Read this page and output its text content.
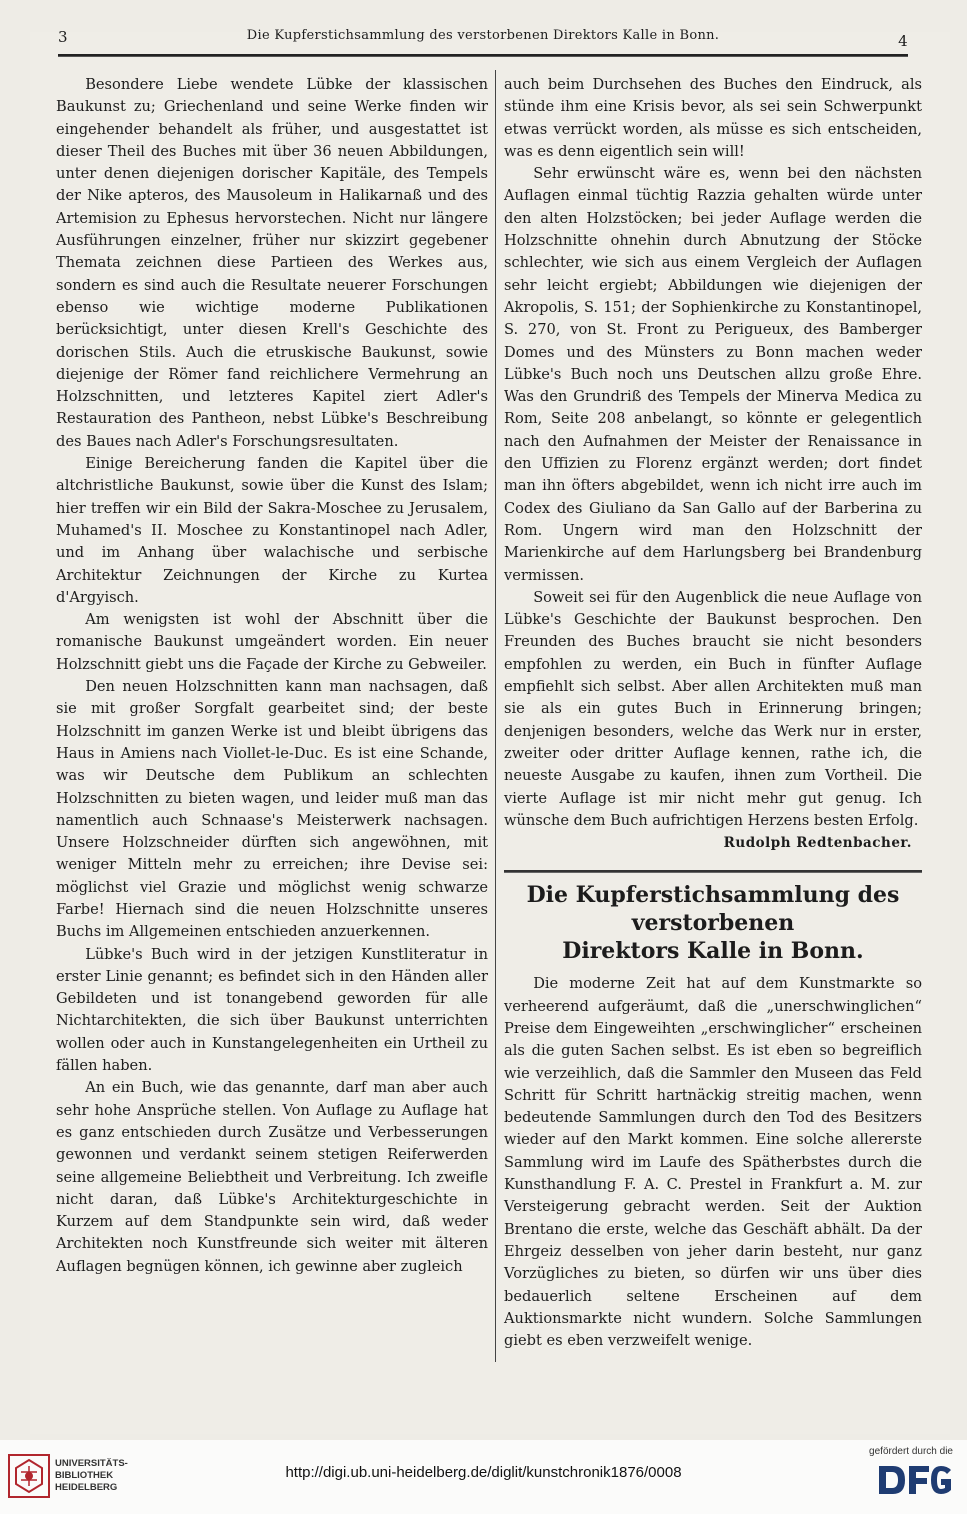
3	Die Kupferstichsammlung des verstorbenen Direktors Kalle in Bonn.	4

Besondere Liebe wendete Lübke der klassischen Baukunst zu; Griechenland und seine Werke finden wir eingehender behandelt als früher, und ausgestattet ist dieser Theil des Buches mit über 36 neuen Abbildungen, unter denen diejenigen dorischer Kapitäle, des Tempels der Nike apteros, des Mausoleum in Halikarnaß und des Artemision zu Ephesus hervorstechen. Nicht nur längere Ausführungen einzelner, früher nur skizzirt gegebener Themata zeichnen diese Partieen des Werkes aus, sondern es sind auch die Resultate neuerer Forschungen ebenso wie wichtige moderne Publikationen berücksichtigt, unter diesen Krell's Geschichte des dorischen Stils. Auch die etruskische Baukunst, sowie diejenige der Römer fand reichlichere Vermehrung an Holzschnitten, und letzteres Kapitel ziert Adler's Restauration des Pantheon, nebst Lübke's Beschreibung des Baues nach Adler's Forschungsresultaten.

Einige Bereicherung fanden die Kapitel über die altchristliche Baukunst, sowie über die Kunst des Islam; hier treffen wir ein Bild der Sakra-Moschee zu Jerusalem, Muhamed's II. Moschee zu Konstantinopel nach Adler, und im Anhang über walachische und serbische Architektur Zeichnungen der Kirche zu Kurtea d'Argyisch.

Am wenigsten ist wohl der Abschnitt über die romanische Baukunst umgeändert worden. Ein neuer Holzschnitt giebt uns die Façade der Kirche zu Gebweiler.

Den neuen Holzschnitten kann man nachsagen, daß sie mit großer Sorgfalt gearbeitet sind; der beste Holzschnitt im ganzen Werke ist und bleibt übrigens das Haus in Amiens nach Viollet-le-Duc. Es ist eine Schande, was wir Deutsche dem Publikum an schlechten Holzschnitten zu bieten wagen, und leider muß man das namentlich auch Schnaase's Meisterwerk nachsagen. Unsere Holzschneider dürften sich angewöhnen, mit weniger Mitteln mehr zu erreichen; ihre Devise sei: möglichst viel Grazie und möglichst wenig schwarze Farbe! Hiernach sind die neuen Holzschnitte unseres Buchs im Allgemeinen entschieden anzuerkennen.

Lübke's Buch wird in der jetzigen Kunstliteratur in erster Linie genannt; es befindet sich in den Händen aller Gebildeten und ist tonangebend geworden für alle Nichtarchitekten, die sich über Baukunst unterrichten wollen oder auch in Kunstangelegenheiten ein Urtheil zu fällen haben.

An ein Buch, wie das genannte, darf man aber auch sehr hohe Ansprüche stellen. Von Auflage zu Auflage hat es ganz entschieden durch Zusätze und Verbesserungen gewonnen und verdankt seinem stetigen Reiferwerden seine allgemeine Beliebtheit und Verbreitung. Ich zweifle nicht daran, daß Lübke's Architekturgeschichte in Kurzem auf dem Standpunkte sein wird, daß weder Architekten noch Kunstfreunde sich weiter mit älteren Auflagen begnügen können, ich gewinne aber zugleich

auch beim Durchsehen des Buches den Eindruck, als stünde ihm eine Krisis bevor, als sei sein Schwerpunkt etwas verrückt worden, als müsse es sich entscheiden, was es denn eigentlich sein will!

Sehr erwünscht wäre es, wenn bei den nächsten Auflagen einmal tüchtig Razzia gehalten würde unter den alten Holzstöcken; bei jeder Auflage werden die Holzschnitte ohnehin durch Abnutzung der Stöcke schlechter, wie sich aus einem Vergleich der Auflagen sehr leicht ergiebt; Abbildungen wie diejenigen der Akropolis, S. 151; der Sophienkirche zu Konstantinopel, S. 270, von St. Front zu Perigueux, des Bamberger Domes und des Münsters zu Bonn machen weder Lübke's Buch noch uns Deutschen allzu große Ehre. Was den Grundriß des Tempels der Minerva Medica zu Rom, Seite 208 anbelangt, so könnte er gelegentlich nach den Aufnahmen der Meister der Renaissance in den Uffizien zu Florenz ergänzt werden; dort findet man ihn öfters abgebildet, wenn ich nicht irre auch im Codex des Giuliano da San Gallo auf der Barberina zu Rom. Ungern wird man den Holzschnitt der Marienkirche auf dem Harlungsberg bei Brandenburg vermissen.

Soweit sei für den Augenblick die neue Auflage von Lübke's Geschichte der Baukunst besprochen. Den Freunden des Buches braucht sie nicht besonders empfohlen zu werden, ein Buch in fünfter Auflage empfiehlt sich selbst. Aber allen Architekten muß man sie als ein gutes Buch in Erinnerung bringen; denjenigen besonders, welche das Werk nur in erster, zweiter oder dritter Auflage kennen, rathe ich, die neueste Ausgabe zu kaufen, ihnen zum Vortheil. Die vierte Auflage ist mir nicht mehr gut genug. Ich wünsche dem Buch aufrichtigen Herzens besten Erfolg.

Rudolph Redtenbacher.
Die Kupferstichsammlung des verstorbenen
Direktors Kalle in Bonn.

Die moderne Zeit hat auf dem Kunstmarkte so verheerend aufgeräumt, daß die „unerschwinglichen“ Preise dem Eingeweihten „erschwinglicher“ erscheinen als die guten Sachen selbst. Es ist eben so begreiflich wie verzeihlich, daß die Sammler den Museen das Feld Schritt für Schritt hartnäckig streitig machen, wenn bedeutende Sammlungen durch den Tod des Besitzers wieder auf den Markt kommen. Eine solche allererste Sammlung wird im Laufe des Spätherbstes durch die Kunsthandlung F. A. C. Prestel in Frankfurt a. M. zur Versteigerung gebracht werden. Seit der Auktion Brentano die erste, welche das Geschäft abhält. Da der Ehrgeiz desselben von jeher darin besteht, nur ganz Vorzügliches zu bieten, so dürfen wir uns über dies bedauerlich seltene Erscheinen auf dem Auktionsmarkte nicht wundern. Solche Sammlungen giebt es eben verzweifelt wenige.

UNIVERSITÄTS-
BIBLIOTHEK
HEIDELBERG
http://digi.ub.uni-heidelberg.de/diglit/kunstchronik1876/0008
gefördert durch die
